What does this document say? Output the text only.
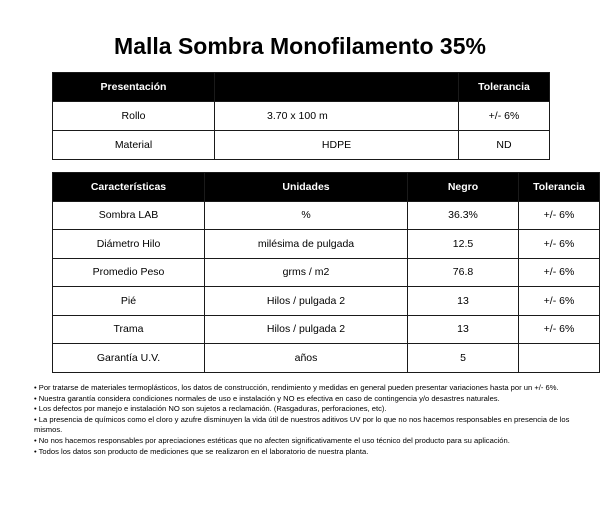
Malla Sombra Monofilamento 35%
Presentación		Tolerancia
Rollo	3.70 x 100 m	+/- 6%
Material	HDPE	ND
Características	Unidades	Negro	Tolerancia
Sombra LAB	%	36.3%	+/- 6%
Diámetro Hilo	milésima de pulgada	12.5	+/- 6%
Promedio Peso	grms / m2	76.8	+/- 6%
Pié	Hilos / pulgada 2	13	+/- 6%
Trama	Hilos / pulgada 2	13	+/- 6%
Garantía U.V.	años	5	

• Por tratarse de materiales termoplásticos, los datos de construcción, rendimiento y medidas en general pueden presentar variaciones hasta por un +/- 6%.

• Nuestra garantía considera condiciones normales de uso e instalación y NO es efectiva en caso de contingencia y/o desastres naturales.

• Los defectos por manejo e instalación NO son sujetos a reclamación. (Rasgaduras, perforaciones, etc).

• La presencia de químicos como el cloro y azufre disminuyen la vida útil de nuestros aditivos UV por lo que no nos hacemos responsables en presencia de los mismos.

• No nos hacemos responsables por apreciaciones estéticas que no afecten significativamente el uso técnico del producto para su aplicación.

• Todos los datos son producto de mediciones que se realizaron en el laboratorio de nuestra planta.
